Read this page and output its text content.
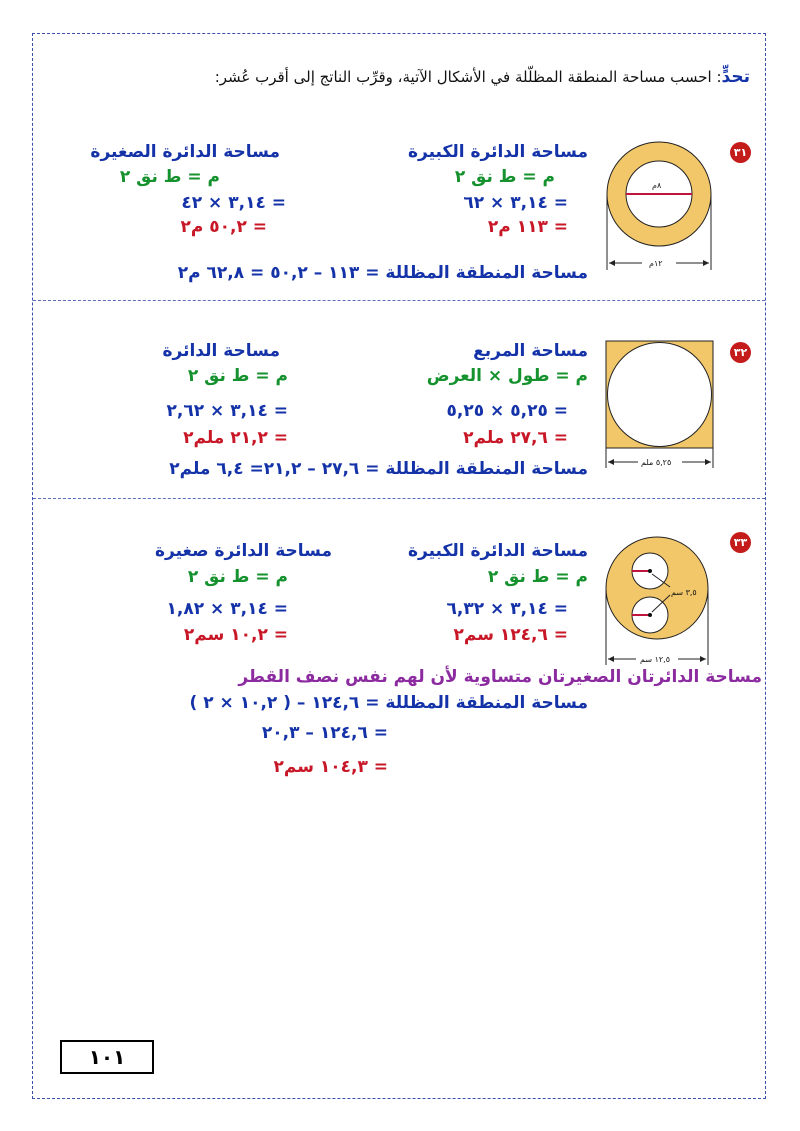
تحدٍّ: احسب مساحة المنطقة المظلّلة في الأشكال الآتية، وقرِّب الناتج إلى أقرب عُشر:
٣١
٨م
١٢م
مساحة الدائرة الكبيرة
م = ط نق ٢
= ٣,١٤ × ٦٢
= ١١٣ م٢
مساحة الدائرة الصغيرة
م = ط نق ٢
= ٣,١٤ × ٤٢
= ٥٠,٢ م٢
مساحة المنطقة المظللة = ١١٣ – ٥٠,٢ = ٦٢,٨ م٢
٣٢
٥,٢٥ ملم
مساحة المربع
م = طول × العرض
= ٥,٢٥ × ٥,٢٥
= ٢٧,٦ ملم٢
مساحة الدائرة
م = ط نق ٢
= ٣,١٤ × ٢,٦٢
= ٢١,٢ ملم٢
مساحة المنطقة المظللة = ٢٧,٦ – ٢١,٢= ٦,٤ ملم٢
٣٣
٣,٥ سم
١٢,٥ سم
مساحة الدائرة الكبيرة
م = ط نق ٢
= ٣,١٤ × ٦,٣٢
= ١٢٤,٦ سم٢
مساحة الدائرة صغيرة
م = ط نق ٢
= ٣,١٤ × ١,٨٢
= ١٠,٢ سم٢
مساحة الدائرتان الصغيرتان متساوية لأن لهم نفس نصف القطر
مساحة المنطقة المظللة = ١٢٤,٦ – ( ١٠,٢ × ٢ )
= ١٢٤,٦ – ٢٠,٣
= ١٠٤,٣ سم٢
١٠١
